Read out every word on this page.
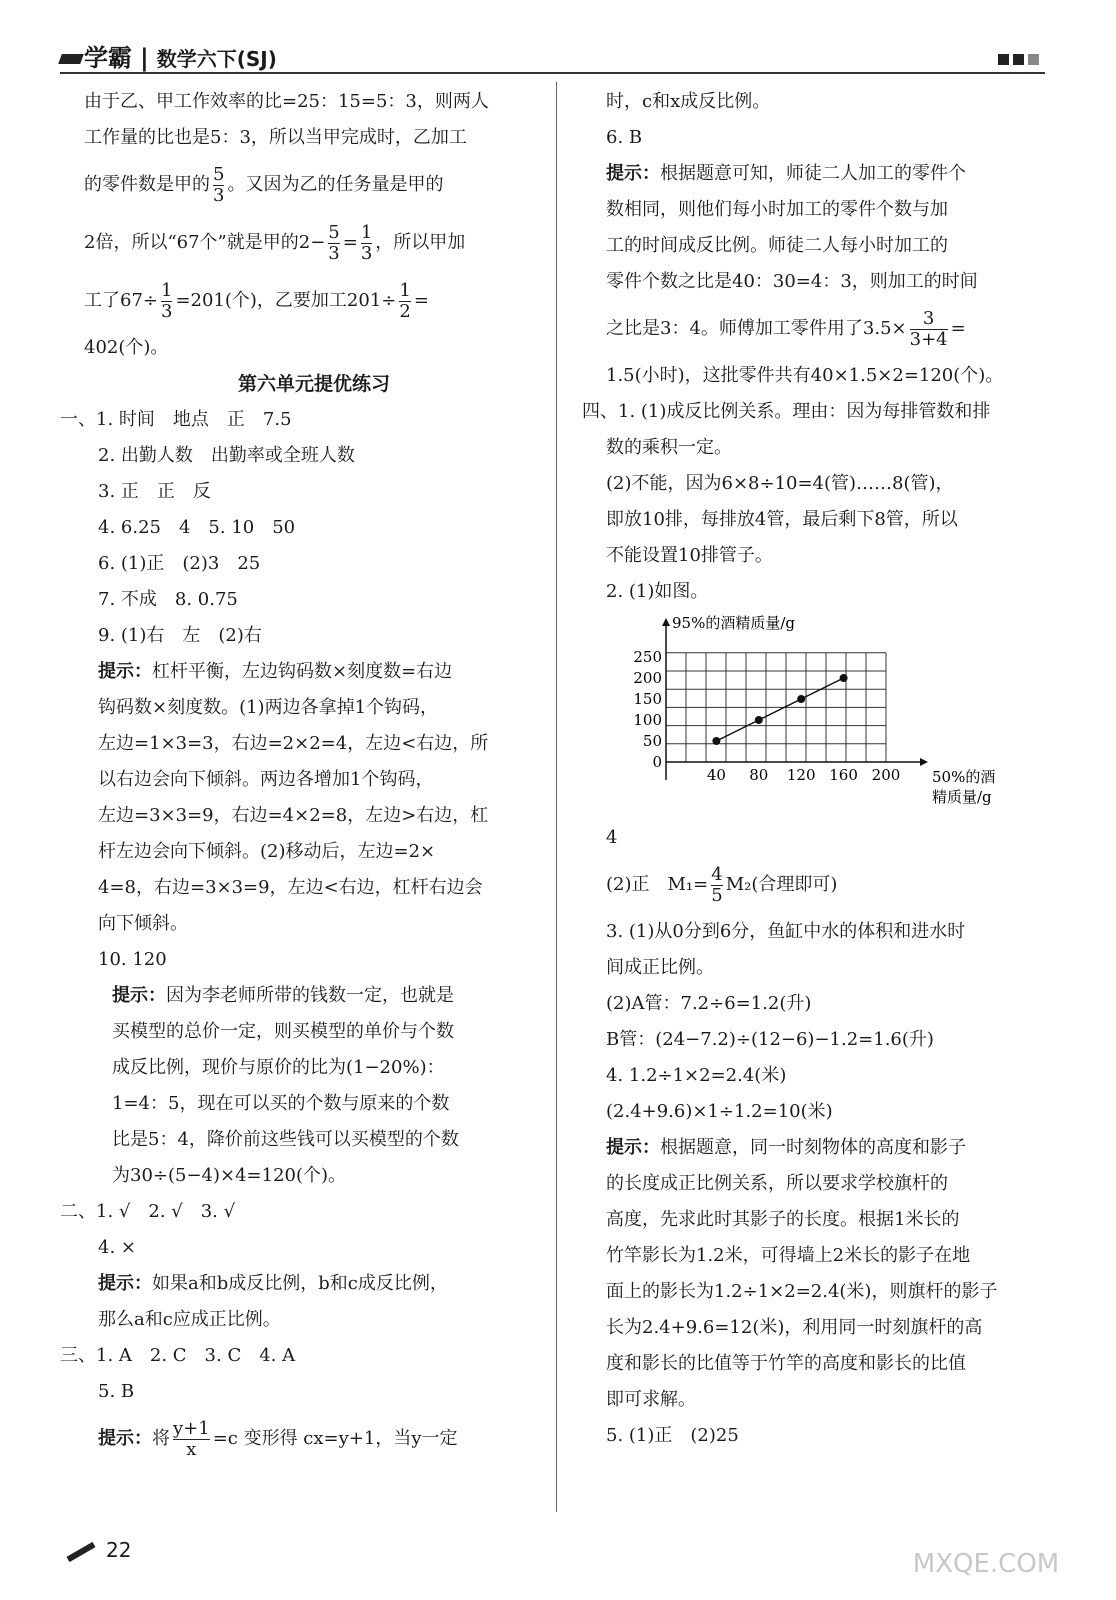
学霸 | 数学六下(SJ)

由于乙、甲工作效率的比=25：15=5：3，则两人

工作量的比也是5：3，所以当甲完成时，乙加工

的零件数是甲的 $\frac{5}{3}$ 。又因为乙的任务量是甲的

2倍，所以“67个”就是甲的$2- \frac{5}{3} = \frac{1}{3}$ ，所以甲加

工了$67\div \frac{1}{3} =201$(个)，乙要加工$201\div \frac{1}{2}$ =

402(个)。

第六单元提优练习

一、1. 时间　地点　正　7.5

2. 出勤人数　出勤率或全班人数

3. 正　正　反

4. 6.25　4　5. 10　50

6. (1)正　(2)3　25

7. 不成　8. 0.75

9. (1)右　左　(2)右

提示：杠杆平衡，左边钩码数×刻度数=右边

钩码数×刻度数。(1)两边各拿掉1个钩码，

左边=1×3=3，右边=2×2=4，左边<右边，所

以右边会向下倾斜。两边各增加1个钩码，

左边=3×3=9，右边=4×2=8，左边>右边，杠

杆左边会向下倾斜。(2)移动后，左边=2×

4=8，右边=3×3=9，左边<右边，杠杆右边会

向下倾斜。

10. 120

提示：因为李老师所带的钱数一定，也就是

买模型的总价一定，则买模型的单价与个数

成反比例，现价与原价的比为(1−20%)：

1=4：5，现在可以买的个数与原来的个数

比是5：4，降价前这些钱可以买模型的个数

为30÷(5−4)×4=120(个)。

二、1. √　2. √　3. √

4. ×

提示：如果a和b成反比例，b和c成反比例，

那么a和c应成正比例。

三、1. A　2. C　3. C　4. A

5. B

提示：将 $\frac{y+1}{x} =c$ 变形得 cx=y+1，当y一定

时，c和x成反比例。

6. B

提示：根据题意可知，师徒二人加工的零件个

数相同，则他们每小时加工的零件个数与加

工的时间成反比例。师徒二人每小时加工的

零件个数之比是40：30=4：3，则加工的时间

之比是3：4。师傅加工零件用了$3.5\times \frac{3}{3+4}$ =

1.5(小时)，这批零件共有40×1.5×2=120(个)。

四、1. (1)成反比例关系。理由：因为每排管数和排

数的乘积一定。

(2)不能，因为6×8÷10=4(管)……8(管)，

即放10排，每排放4管，最后剩下8管，所以

不能设置10排管子。

2. (1)如图。

0
50
100
150
200
250
40 80 120 160 200
95%的酒精质量/g
50%的酒
精质量/g

4

(2)正　$M_1= \frac{4}{5} M_2$(合理即可)

3. (1)从0分到6分，鱼缸中水的体积和进水时

间成正比例。

(2)A管：7.2÷6=1.2(升)

B管：(24−7.2)÷(12−6)−1.2=1.6(升)

4. 1.2÷1×2=2.4(米)

(2.4+9.6)×1÷1.2=10(米)

提示：根据题意，同一时刻物体的高度和影子

的长度成正比例关系，所以要求学校旗杆的

高度，先求此时其影子的长度。根据1米长的

竹竿影长为1.2米，可得墙上2米长的影子在地

面上的影长为1.2÷1×2=2.4(米)，则旗杆的影子

长为2.4+9.6=12(米)，利用同一时刻旗杆的高

度和影长的比值等于竹竿的高度和影长的比值

即可求解。

5. (1)正　(2)25

22	MXQE.COM
